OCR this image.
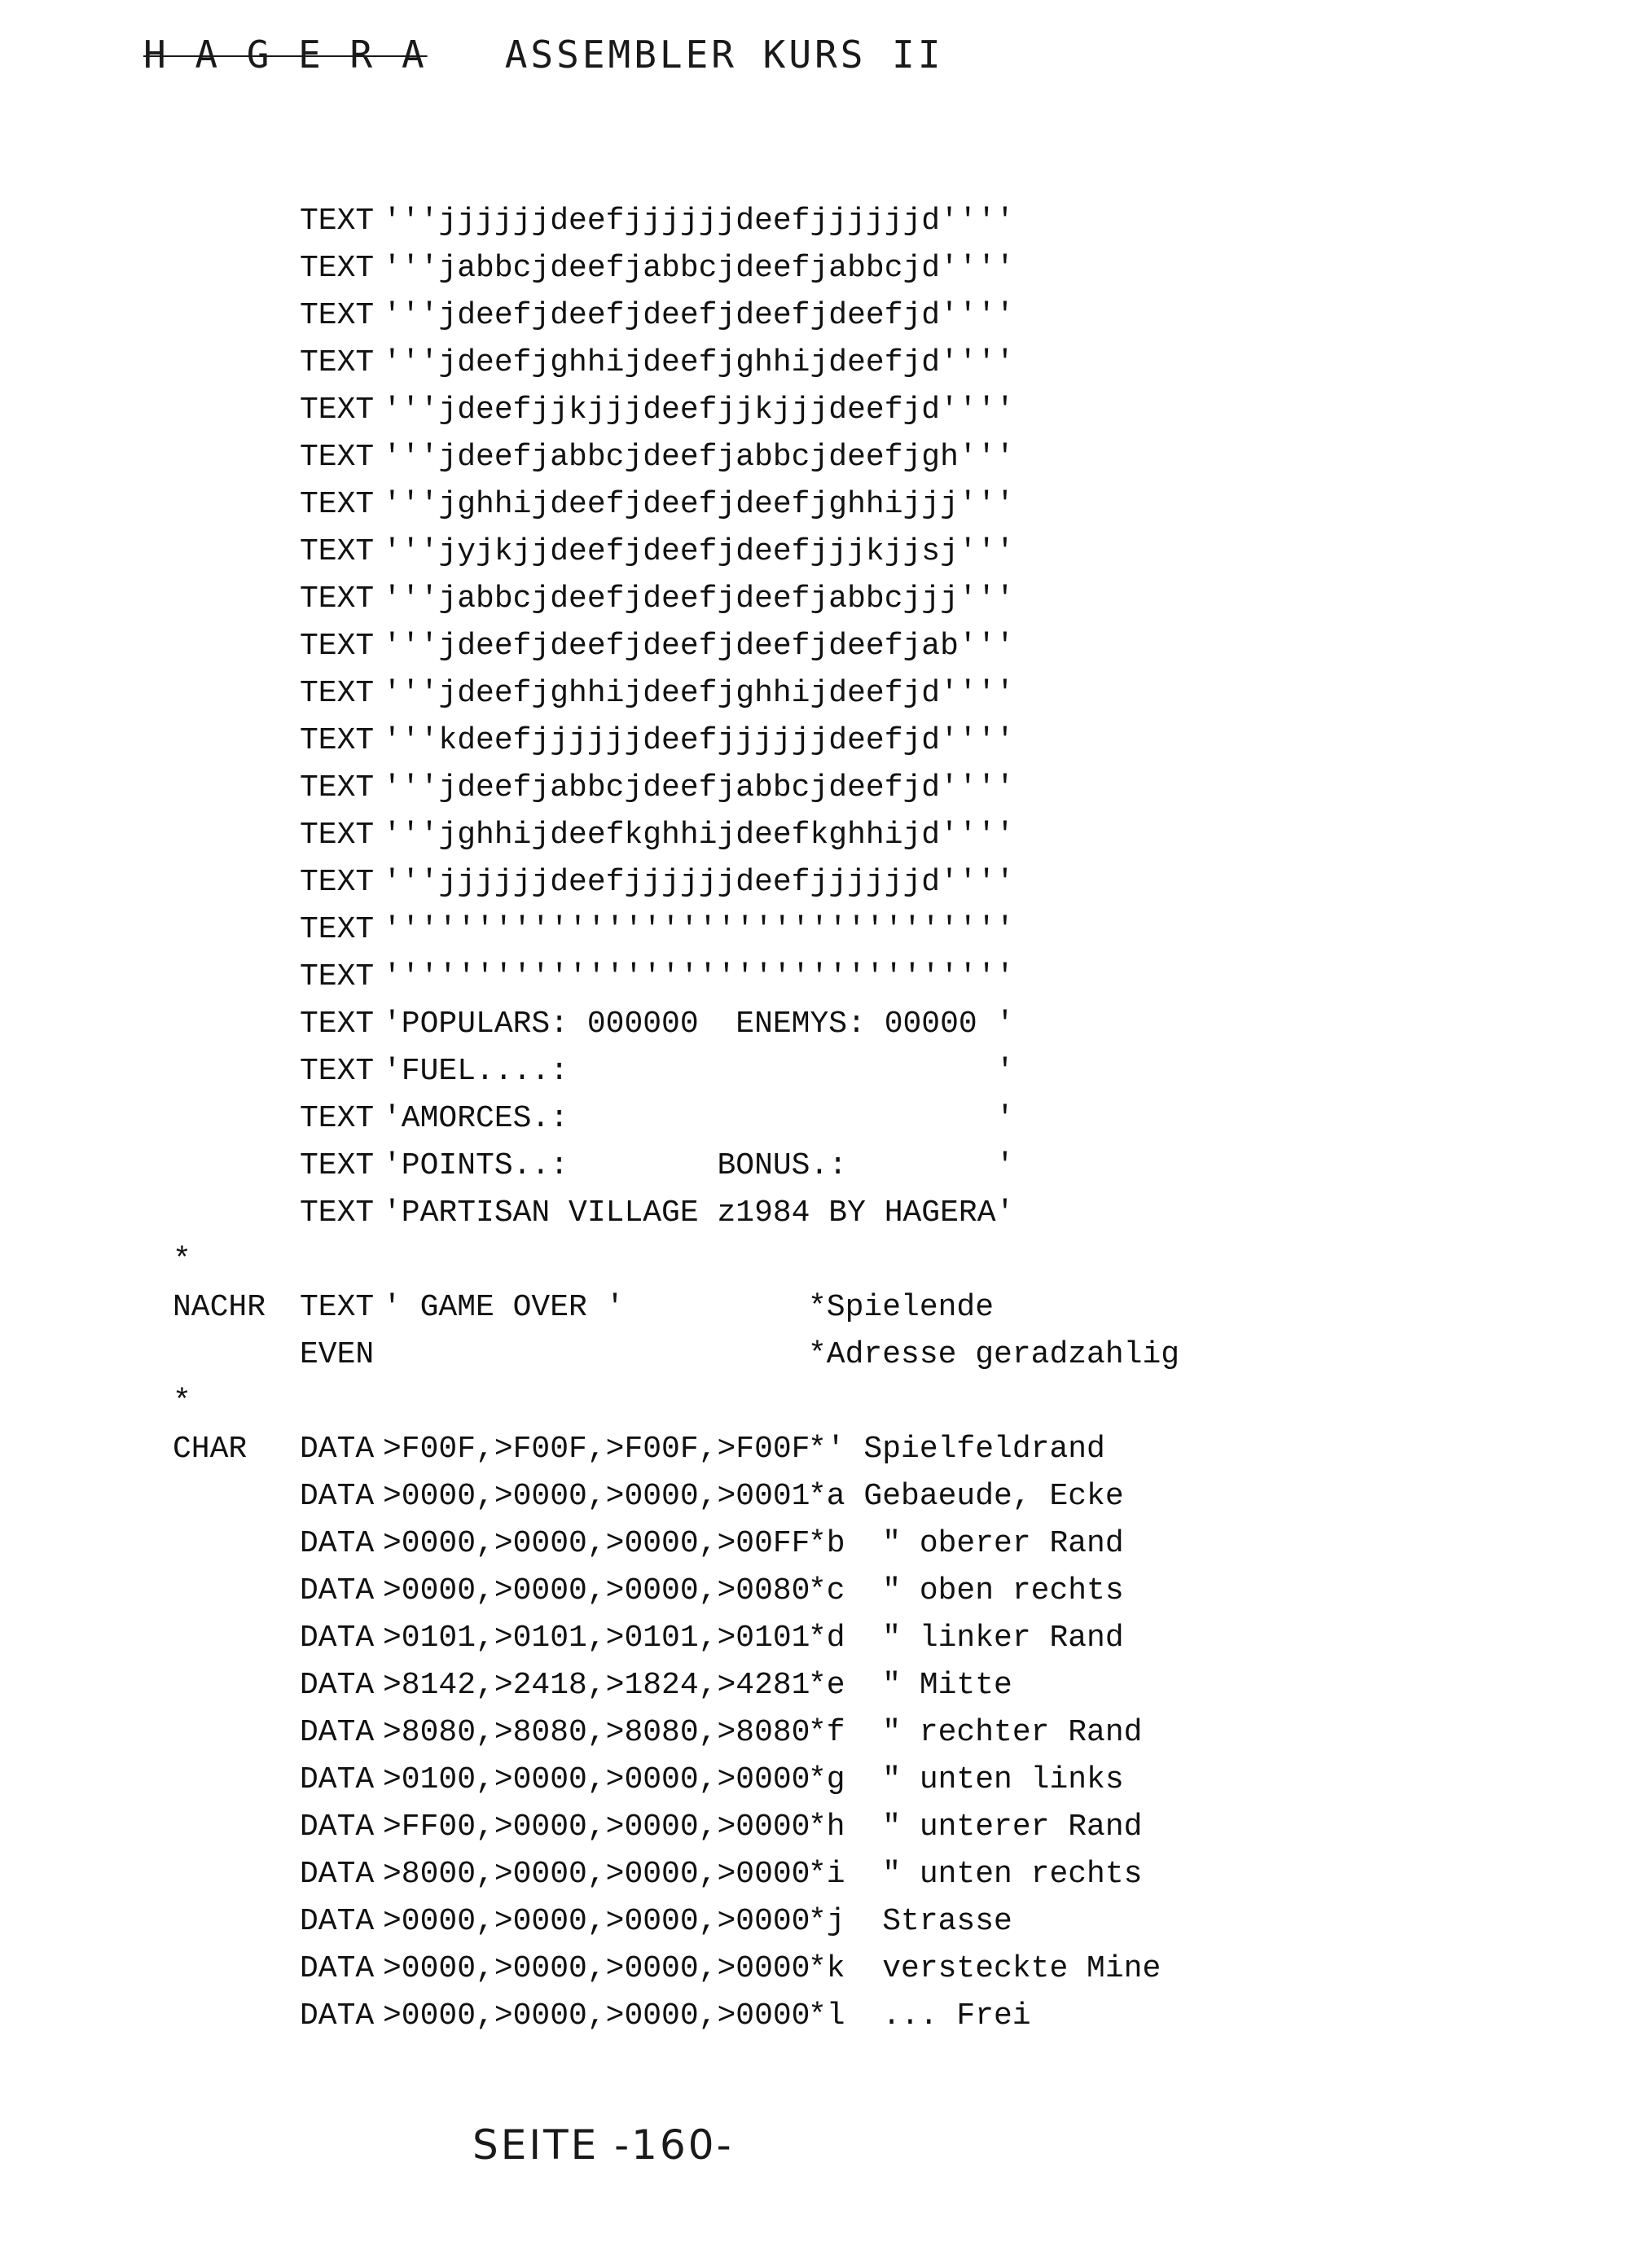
H A G E R A ASSEMBLER KURS II
TEXT '''jjjjjjdeefjjjjjjdeefjjjjjjd''''
TEXT '''jabbcjdeefjabbcjdeefjabbcjd''''
TEXT '''jdeefjdeefjdeefjdeefjdeefjd''''
TEXT '''jdeefjghhijdeefjghhijdeefjd''''
TEXT '''jdeefjjkjjjdeefjjkjjjdeefjd''''
TEXT '''jdeefjabbcjdeefjabbcjdeefjgh'''
TEXT '''jghhijdeefjdeefjdeefjghhijjj'''
TEXT '''jyjkjjdeefjdeefjdeefjjjkjjsj'''
TEXT '''jabbcjdeefjdeefjdeefjabbcjjj'''
TEXT '''jdeefjdeefjdeefjdeefjdeefjab'''
TEXT '''jdeefjghhijdeefjghhijdeefjd''''
TEXT '''kdeefjjjjjjdeefjjjjjjdeefjd''''
TEXT '''jdeefjabbcjdeefjabbcjdeefjd''''
TEXT '''jghhijdeefkghhijdeefkghhijd''''
TEXT '''jjjjjjdeefjjjjjjdeefjjjjjjd''''
TEXT ''''''''''''''''''''''''''''''''''
TEXT ''''''''''''''''''''''''''''''''''
TEXT 'POPULARS: 000000  ENEMYS: 00000 '
TEXT 'FUEL....:                       '
TEXT 'AMORCES.:                       '
TEXT 'POINTS..:        BONUS.:        '
TEXT 'PARTISAN VILLAGE z1984 BY HAGERA'
*
NACHR TEXT ' GAME OVER '	*Spielende
EVEN	*Adresse geradzahlig
*
CHAR DATA >F00F,>F00F,>F00F,>F00F
*' Spielfeldrand
DATA >0000,>0000,>0000,>0001
*a Gebaeude, Ecke
DATA >0000,>0000,>0000,>00FF
*b  " oberer Rand
DATA >0000,>0000,>0000,>0080
*c  " oben rechts
DATA >0101,>0101,>0101,>0101
*d  " linker Rand
DATA >8142,>2418,>1824,>4281
*e  " Mitte
DATA >8080,>8080,>8080,>8080
*f  " rechter Rand
DATA >0100,>0000,>0000,>0000
*g  " unten links
DATA >FF00,>0000,>0000,>0000
*h  " unterer Rand
DATA >8000,>0000,>0000,>0000
*i  " unten rechts
DATA >0000,>0000,>0000,>0000
*j  Strasse
DATA >0000,>0000,>0000,>0000
*k  versteckte Mine
DATA >0000,>0000,>0000,>0000
*l  ... Frei
SEITE -160-
